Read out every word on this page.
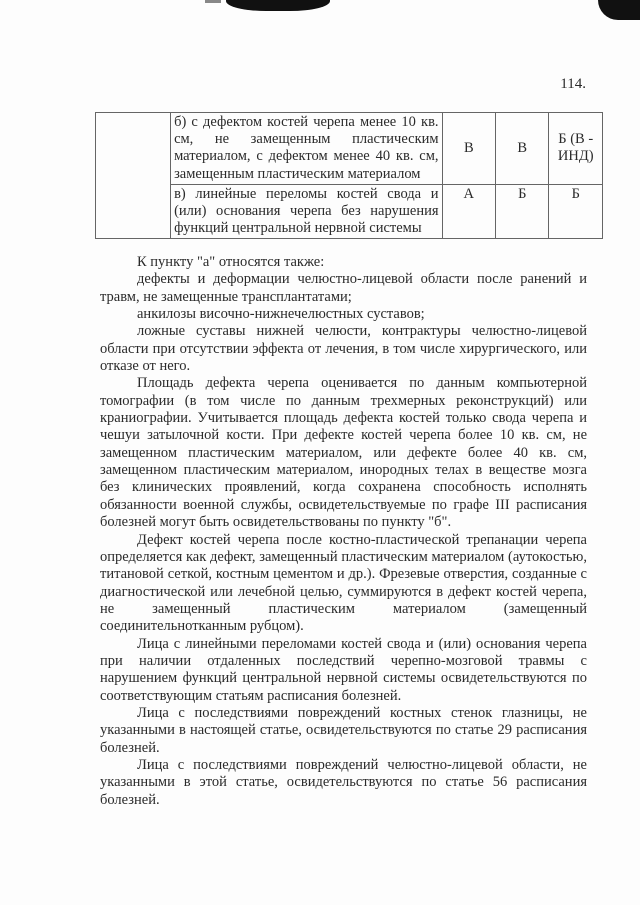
114.
	б) с дефектом костей черепа менее 10 кв. см, не замещенным пластическим материалом, с дефектом менее 40 кв. см, замещенным пластическим материалом	В	В	Б (В - ИНД)
	в) линейные переломы костей свода и (или) основания черепа без нарушения функций центральной нервной системы	А	Б	Б

К пункту "а" относятся также:

дефекты и деформации челюстно-лицевой области после ранений и травм, не замещенные трансплантатами;

анкилозы височно-нижнечелюстных суставов;

ложные суставы нижней челюсти, контрактуры челюстно-лицевой области при отсутствии эффекта от лечения, в том числе хирургического, или отказе от него.

Площадь дефекта черепа оценивается по данным компьютерной томографии (в том числе по данным трехмерных реконструкций) или краниографии. Учитывается площадь дефекта костей только свода черепа и чешуи затылочной кости. При дефекте костей черепа более 10 кв. см, не замещенном пластическим материалом, или дефекте более 40 кв. см, замещенном пластическим материалом, инородных телах в веществе мозга без клинических проявлений, когда сохранена способность исполнять обязанности военной службы, освидетельствуемые по графе III расписания болезней могут быть освидетельствованы по пункту "б".

Дефект костей черепа после костно-пластической трепанации черепа определяется как дефект, замещенный пластическим материалом (аутокостью, титановой сеткой, костным цементом и др.). Фрезевые отверстия, созданные с диагностической или лечебной целью, суммируются в дефект костей черепа, не замещенный пластическим материалом (замещенный соединительнотканным рубцом).

Лица с линейными переломами костей свода и (или) основания черепа при наличии отдаленных последствий черепно-мозговой травмы с нарушением функций центральной нервной системы освидетельствуются по соответствующим статьям расписания болезней.

Лица с последствиями повреждений костных стенок глазницы, не указанными в настоящей статье, освидетельствуются по статье 29 расписания болезней.

Лица с последствиями повреждений челюстно-лицевой области, не указанными в этой статье, освидетельствуются по статье 56 расписания болезней.
